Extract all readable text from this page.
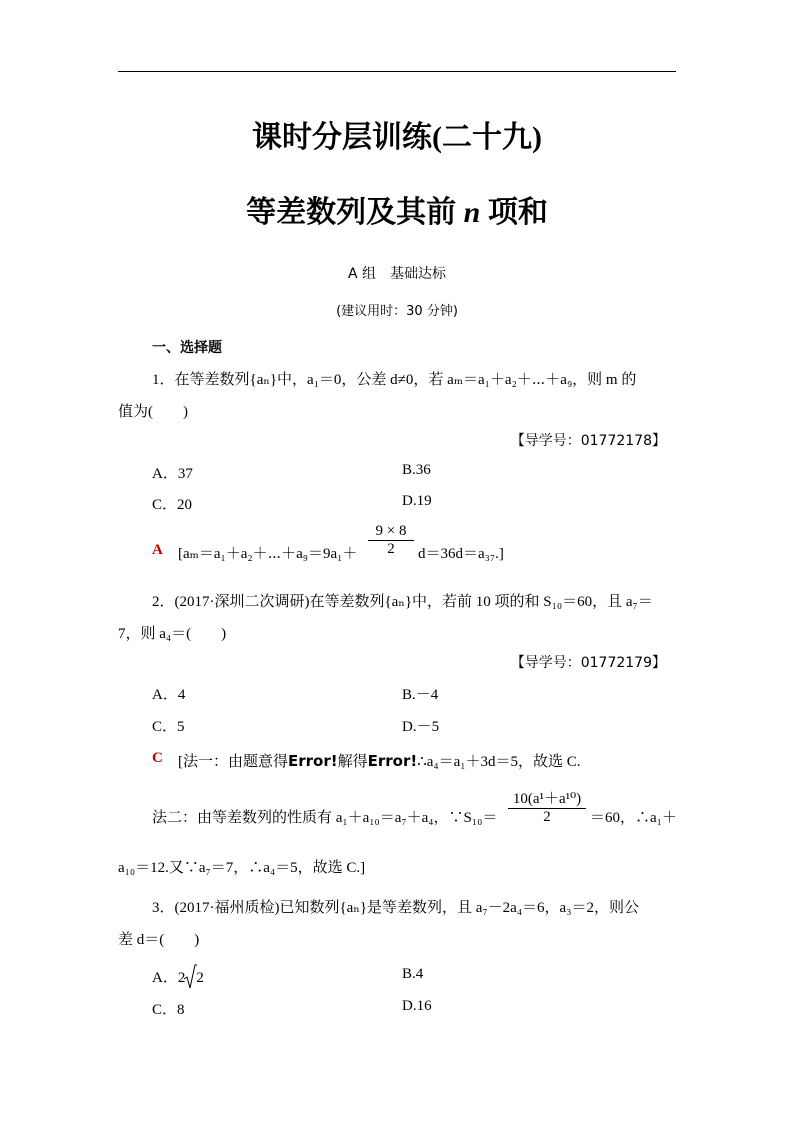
课时分层训练(二十九)
等差数列及其前 n 项和
A 组　基础达标
(建议用时：30 分钟)
一、选择题
1．在等差数列{aₙ}中，a₁＝0，公差 d≠0，若 aₘ＝a₁＋a₂＋⋯＋a₉，则 m 的
值为(　　)
【导学号：01772178】
A．37	B.36
C．20	D.19
A [aₘ＝a₁＋a₂＋⋯＋a₉＝9a₁＋
9 × 8
2	d＝36d＝a₃₇.]
2．(2017·深圳二次调研)在等差数列{aₙ}中，若前 10 项的和 S₁₀＝60，且 a₇＝
7，则 a₄＝(　　)
【导学号：01772179】
A．4	B.－4
C．5	D.－5
C [法一：由题意得Error!解得Error!∴a₄＝a₁＋3d＝5，故选 C.
法二：由等差数列的性质有 a₁＋a₁₀＝a₇＋a₄，∵S₁₀＝
10(a¹＋a¹⁰)
2	＝60，∴a₁＋
a₁₀＝12.又∵a₇＝7，∴a₄＝5，故选 C.]
3．(2017·福州质检)已知数列{aₙ}是等差数列，且 a₇－2a₄＝6，a₃＝2，则公
差 d＝(　　)
A．2 2	B.4
C．8	D.16
